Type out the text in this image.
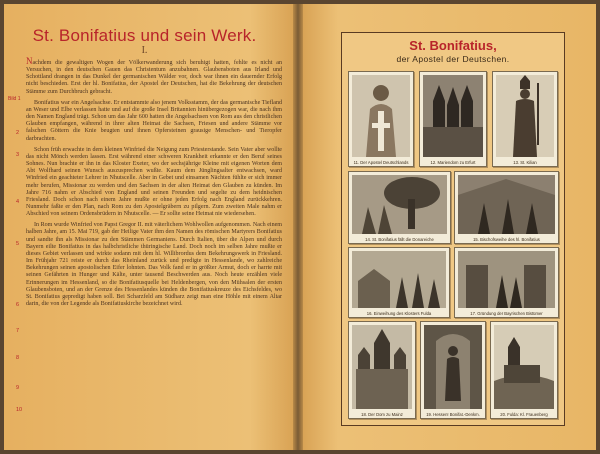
St. Bonifatius und sein Werk.
I.
Bild 1
2
3
4
5
6
7
8
9
10

Nachdem die gewaltigen Wogen der Völkerwanderung sich beruhigt hatten, fehlte es nicht an Versuchen, in den deutschen Gauen das Christentum anzubahnen. Glaubensboten aus Irland und Schottland drangen in das Dunkel der germanischen Wälder vor, doch war ihnen ein dauernder Erfolg nicht beschieden. Erst der hl. Bonifatius, der Apostel der Deutschen, hat die Bekehrung der deutschen Stämme zum Durchbruch gebracht.

Bonifatius war ein Angelsachse. Er entstammte also jenem Volksstamm, der das germanische Tiefland an Weser und Elbe verlassen hatte und auf die große Insel Britannien hinübergezogen war, die nach ihm den Namen England trägt. Schon um das Jahr 600 hatten die Angelsachsen von Rom aus den christlichen Glauben empfangen, während in ihrer alten Heimat die Sachsen, Friesen und andere Stämme vor falschen Göttern die Knie beugten und ihnen Opfersteinen grausige Menschen- und Tieropfer darbrachten.

Schon früh erwachte in dem kleinen Winfried die Neigung zum Priesterstande. Sein Vater aber wollte das nicht Mönch werden lassen. Erst während einer schweren Krankheit erkannte er den Beruf seines Sohnes. Nun brachte er ihn in das Kloster Exeter, wo der sechsjährige Kleine mit eigenen Worten dem Abt Wolfhard seinen Wunsch auszusprechen wußte. Kaum dem Jünglingsalter entwachsen, ward Winfried ein geachteter Lehrer in Nhutscelle. Aber in Gebet und einsamen Nächten fühlte er sich immer mehr berufen, Missionar zu werden und den Sachsen in der alten Heimat den Glauben zu künden. Im Jahre 716 nahm er Abschied von England und seinen Freunden und segelte zu dem heidnischen Friesland. Doch schon nach einem Jahre mußte er ohne jeden Erfolg nach England zurückkehren. Nunmehr faßte er den Plan, nach Rom zu den Apostelgräbern zu pilgern. Zum zweiten Male nahm er Abschied von seinem Ordensbrüdern in Nhutscelle. — Er sollte seine Heimat nie wiedersehen.

In Rom wurde Winfried von Papst Gregor II. mit väterlichem Wohlwollen aufgenommen. Nach einem halben Jahre, am 15. Mai 719, gab der Heilige Vater ihm den Namen des römischen Martyrers Bonifatius und sandte ihn als Missionar zu den Stämmen Germaniens. Durch Italien, über die Alpen und durch Bayern eilte Bonifatius in das halbchristliche thüringische Land. Doch noch im selben Jahre mußte er dieses Gebiet verlassen und wirkte sodann mit dem hl. Willibrordus dem Bekehrungswerk in Friesland. Im Frühjahr 721 reiste er durch das Rheinland zurück und predigte in Hessenlande, wo zahlreiche Bekehrungen seinen apostolischen Eifer lohnten. Das Volk fand er in größter Armut, doch er harrte mit seinen Gefährten in Hunger und Kälte, unter tausend Beschwerden aus. Noch heute erzählen viele Erinnerungen im Hessenland, so die Bonifatiusquelle bei Heldenbergen, von den Mühsalen der ersten Glaubensboten, und an der Grenze des Hessenlandes künden die Bonifatiuskreuze des Eichsfeldes, wo St. Bonifatius gepredigt haben soll. Bei Scharzfeld am Südharz zeigt man eine Höhle mit einem Altar darin, die von der Legende als Bonifatiuskirche bezeichnet wird.

St. Bonifatius,
der Apostel der Deutschen.
11. Der Apostel Deutschlands	12. Mariendom zu Erfurt	13. St. Kilian
14. St. Bonifatius fällt die Donareiche	15. Bischofsweihe des hl. Bonifatius
16. Einweihung des Klosters Fulda	17. Gründung der Bayrischen Bistümer
18. Der Dom zu Mainz	19. Hessen! Bonifat.-Denkm.	20. Fulda: Kl. Frauenberg
